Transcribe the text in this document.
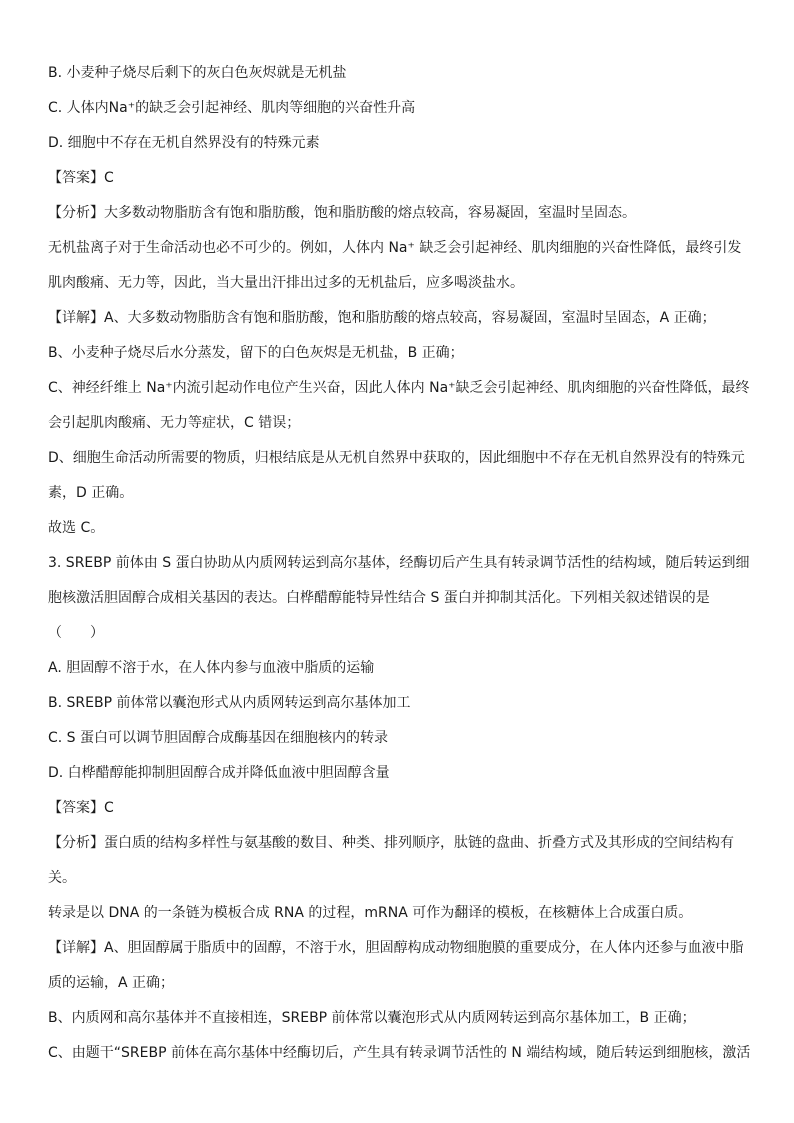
B. 小麦种子烧尽后剩下的灰白色灰烬就是无机盐

C. 人体内Na⁺的缺乏会引起神经、肌肉等细胞的兴奋性升高

D. 细胞中不存在无机自然界没有的特殊元素

【答案】C

【分析】大多数动物脂肪含有饱和脂肪酸，饱和脂肪酸的熔点较高，容易凝固，室温时呈固态。

无机盐离子对于生命活动也必不可少的。例如，人体内 Na⁺ 缺乏会引起神经、肌肉细胞的兴奋性降低，最终引发

肌肉酸痛、无力等，因此，当大量出汗排出过多的无机盐后，应多喝淡盐水。

【详解】A、大多数动物脂肪含有饱和脂肪酸，饱和脂肪酸的熔点较高，容易凝固，室温时呈固态，A 正确；

B、小麦种子烧尽后水分蒸发，留下的白色灰烬是无机盐，B 正确；

C、神经纤维上 Na⁺内流引起动作电位产生兴奋，因此人体内 Na⁺缺乏会引起神经、肌肉细胞的兴奋性降低，最终

会引起肌肉酸痛、无力等症状，C 错误；

D、细胞生命活动所需要的物质，归根结底是从无机自然界中获取的，因此细胞中不存在无机自然界没有的特殊元

素，D 正确。

故选 C。

3. SREBP 前体由 S 蛋白协助从内质网转运到高尔基体，经酶切后产生具有转录调节活性的结构域，随后转运到细

胞核激活胆固醇合成相关基因的表达。白桦醋醇能特异性结合 S 蛋白并抑制其活化。下列相关叙述错误的是

（　　）

A. 胆固醇不溶于水，在人体内参与血液中脂质的运输

B. SREBP 前体常以囊泡形式从内质网转运到高尔基体加工

C. S 蛋白可以调节胆固醇合成酶基因在细胞核内的转录

D. 白桦醋醇能抑制胆固醇合成并降低血液中胆固醇含量

【答案】C

【分析】蛋白质的结构多样性与氨基酸的数目、种类、排列顺序，肽链的盘曲、折叠方式及其形成的空间结构有

关。

转录是以 DNA 的一条链为模板合成 RNA 的过程，mRNA 可作为翻译的模板，在核糖体上合成蛋白质。

【详解】A、胆固醇属于脂质中的固醇，不溶于水，胆固醇构成动物细胞膜的重要成分，在人体内还参与血液中脂

质的运输，A 正确；

B、内质网和高尔基体并不直接相连，SREBP 前体常以囊泡形式从内质网转运到高尔基体加工，B 正确；

C、由题干“SREBP 前体在高尔基体中经酶切后，产生具有转录调节活性的 N 端结构域，随后转运到细胞核，激活
